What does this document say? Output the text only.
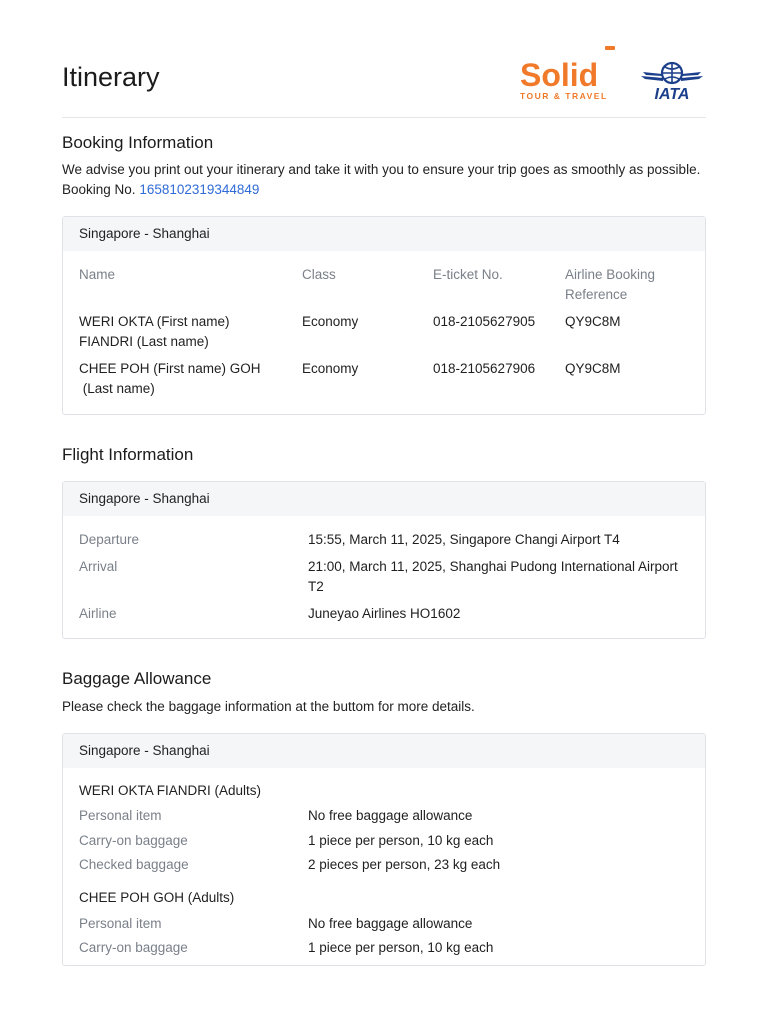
Itinerary	Solid
TOUR & TRAVEL	IATA
Booking Information
We advise you print out your itinerary and take it with you to ensure your trip goes as smoothly as possible.
Booking No. 1658102319344849
Singapore - Shanghai
Name	Class	E-ticket No.	Airline Booking
Reference
WERI OKTA (First name)
FIANDRI (Last name)
Economy	018-2105627905 QY9C8M
CHEE POH (First name) GOH
(Last name)
Economy	018-2105627906 QY9C8M
Flight Information
Singapore - Shanghai
Departure	15:55, March 11, 2025, Singapore Changi Airport T4
Arrival	21:00, March 11, 2025, Shanghai Pudong International Airport
T2
Airline	Juneyao Airlines HO1602
Baggage Allowance
Please check the baggage information at the buttom for more details.
Singapore - Shanghai
WERI OKTA FIANDRI (Adults)
Personal item	No free baggage allowance
Carry-on baggage	1 piece per person, 10 kg each
Checked baggage	2 pieces per person, 23 kg each
CHEE POH GOH (Adults)
Personal item	No free baggage allowance
Carry-on baggage	1 piece per person, 10 kg each
